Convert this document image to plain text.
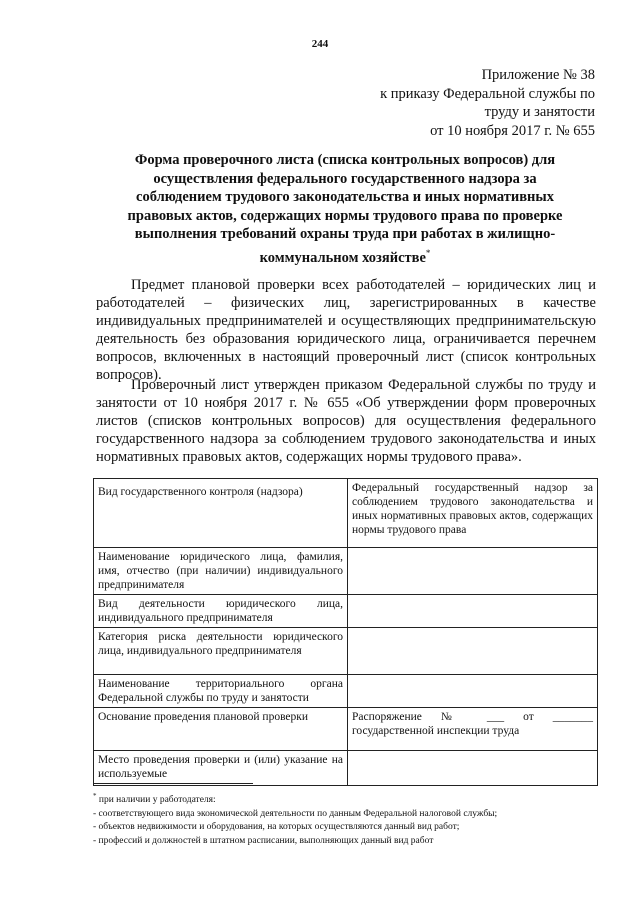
244
Приложение № 38
к приказу Федеральной службы по
труду и занятости
от 10 ноября 2017 г. № 655
Форма проверочного листа (списка контрольных вопросов) для осуществления федерального государственного надзора за соблюдением трудового законодательства и иных нормативных правовых актов, содержащих нормы трудового права по проверке выполнения требований охраны труда при работах в жилищно-коммунальном хозяйстве*
Предмет плановой проверки всех работодателей – юридических лиц и работодателей – физических лиц, зарегистрированных в качестве индивидуальных предпринимателей и осуществляющих предпринимательскую деятельность без образования юридического лица, ограничивается перечнем вопросов, включенных в настоящий проверочный лист (список контрольных вопросов).
Проверочный лист утвержден приказом Федеральной службы по труду и занятости от 10 ноября 2017 г. № 655 «Об утверждении форм проверочных листов (списков контрольных вопросов) для осуществления федерального государственного надзора за соблюдением трудового законодательства и иных нормативных правовых актов, содержащих нормы трудового права».
Вид государственного контроля (надзора)	Федеральный государственный надзор за соблюдением трудового законодательства и иных нормативных правовых актов, содержащих нормы трудового права
Наименование юридического лица, фамилия, имя, отчество (при наличии) индивидуального предпринимателя	
Вид деятельности юридического лица, индивидуального предпринимателя	
Категория риска деятельности юридического лица, индивидуального предпринимателя	
Наименование территориального органа Федеральной службы по труду и занятости	
Основание проведения плановой проверки	Распоряжение № ___ от _______ государственной инспекции труда
Место проведения проверки и (или) указание на используемые	
* при наличии у работодателя:
- соответствующего вида экономической деятельности по данным Федеральной налоговой службы;
- объектов недвижимости и оборудования, на которых осуществляются данный вид работ;
- профессий и должностей в штатном расписании, выполняющих данный вид работ
